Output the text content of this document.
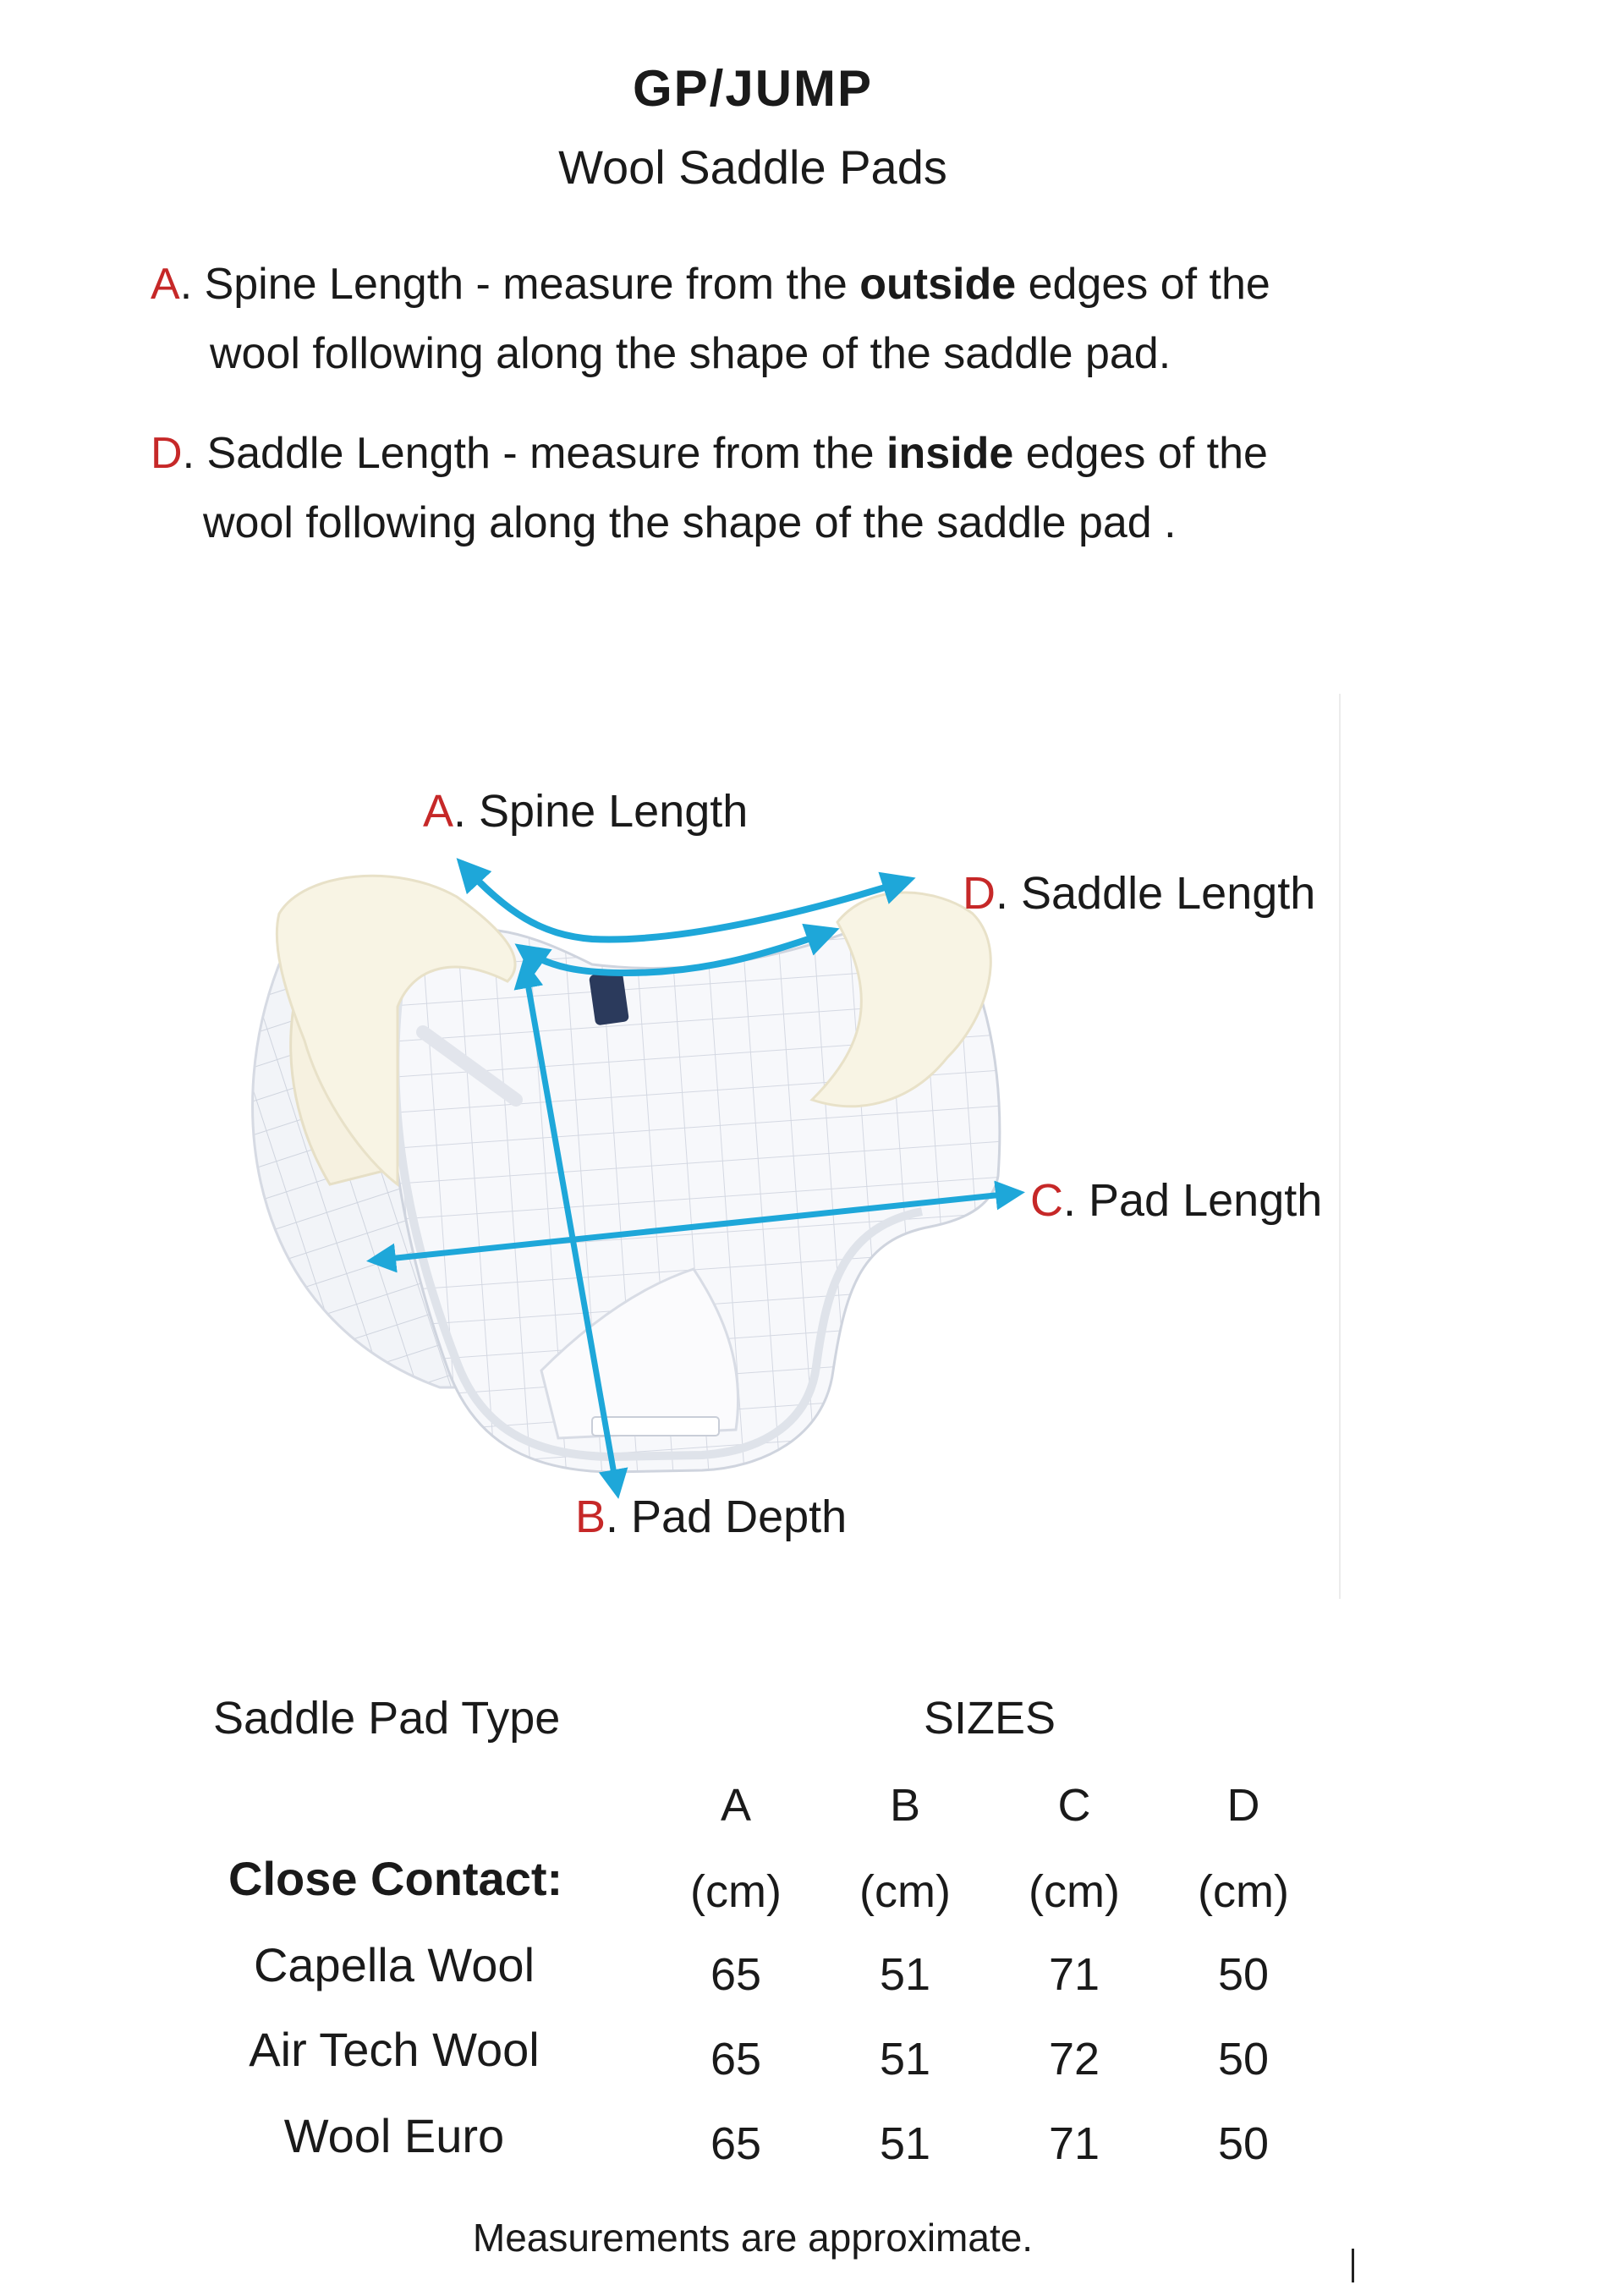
GP/JUMP
Wool Saddle Pads
A. Spine Length - measure from the outside edges of the
wool following along the shape of the saddle pad.
D. Saddle Length - measure from the inside edges of the
wool following along the shape of the saddle pad .
A. Spine Length
D. Saddle Length
C. Pad Length
B. Pad Depth
Saddle Pad Type	SIZES
A	B	C	D
Close Contact:	(cm)	(cm)	(cm)	(cm)
Capella Wool	65	51	71	50
Air Tech Wool	65	51	72	50
Wool Euro	65	51	71	50
Measurements are approximate.
